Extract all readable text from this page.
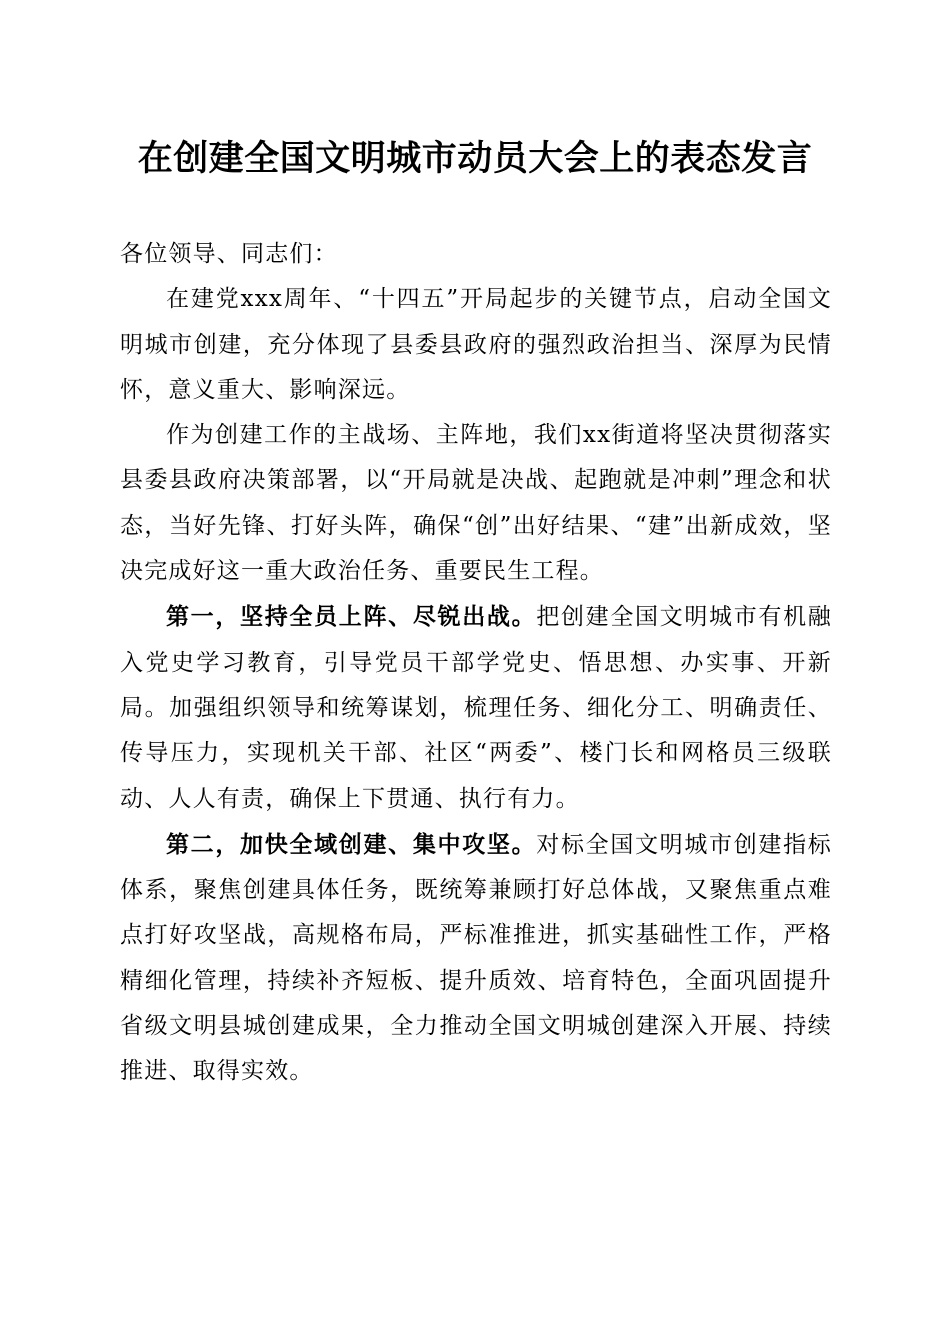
在创建全国文明城市动员大会上的表态发言

各位领导、同志们：

在建党xxx周年、“十四五”开局起步的关键节点，启动全国文明城市创建，充分体现了县委县政府的强烈政治担当、深厚为民情怀，意义重大、影响深远。

作为创建工作的主战场、主阵地，我们xx街道将坚决贯彻落实县委县政府决策部署，以“开局就是决战、起跑就是冲刺”理念和状态，当好先锋、打好头阵，确保“创”出好结果、“建”出新成效，坚决完成好这一重大政治任务、重要民生工程。

第一，坚持全员上阵、尽锐出战。把创建全国文明城市有机融入党史学习教育，引导党员干部学党史、悟思想、办实事、开新局。加强组织领导和统筹谋划，梳理任务、细化分工、明确责任、传导压力，实现机关干部、社区“两委”、楼门长和网格员三级联动、人人有责，确保上下贯通、执行有力。

第二，加快全域创建、集中攻坚。对标全国文明城市创建指标体系，聚焦创建具体任务，既统筹兼顾打好总体战，又聚焦重点难点打好攻坚战，高规格布局，严标准推进，抓实基础性工作，严格精细化管理，持续补齐短板、提升质效、培育特色，全面巩固提升省级文明县城创建成果，全力推动全国文明城创建深入开展、持续推进、取得实效。
